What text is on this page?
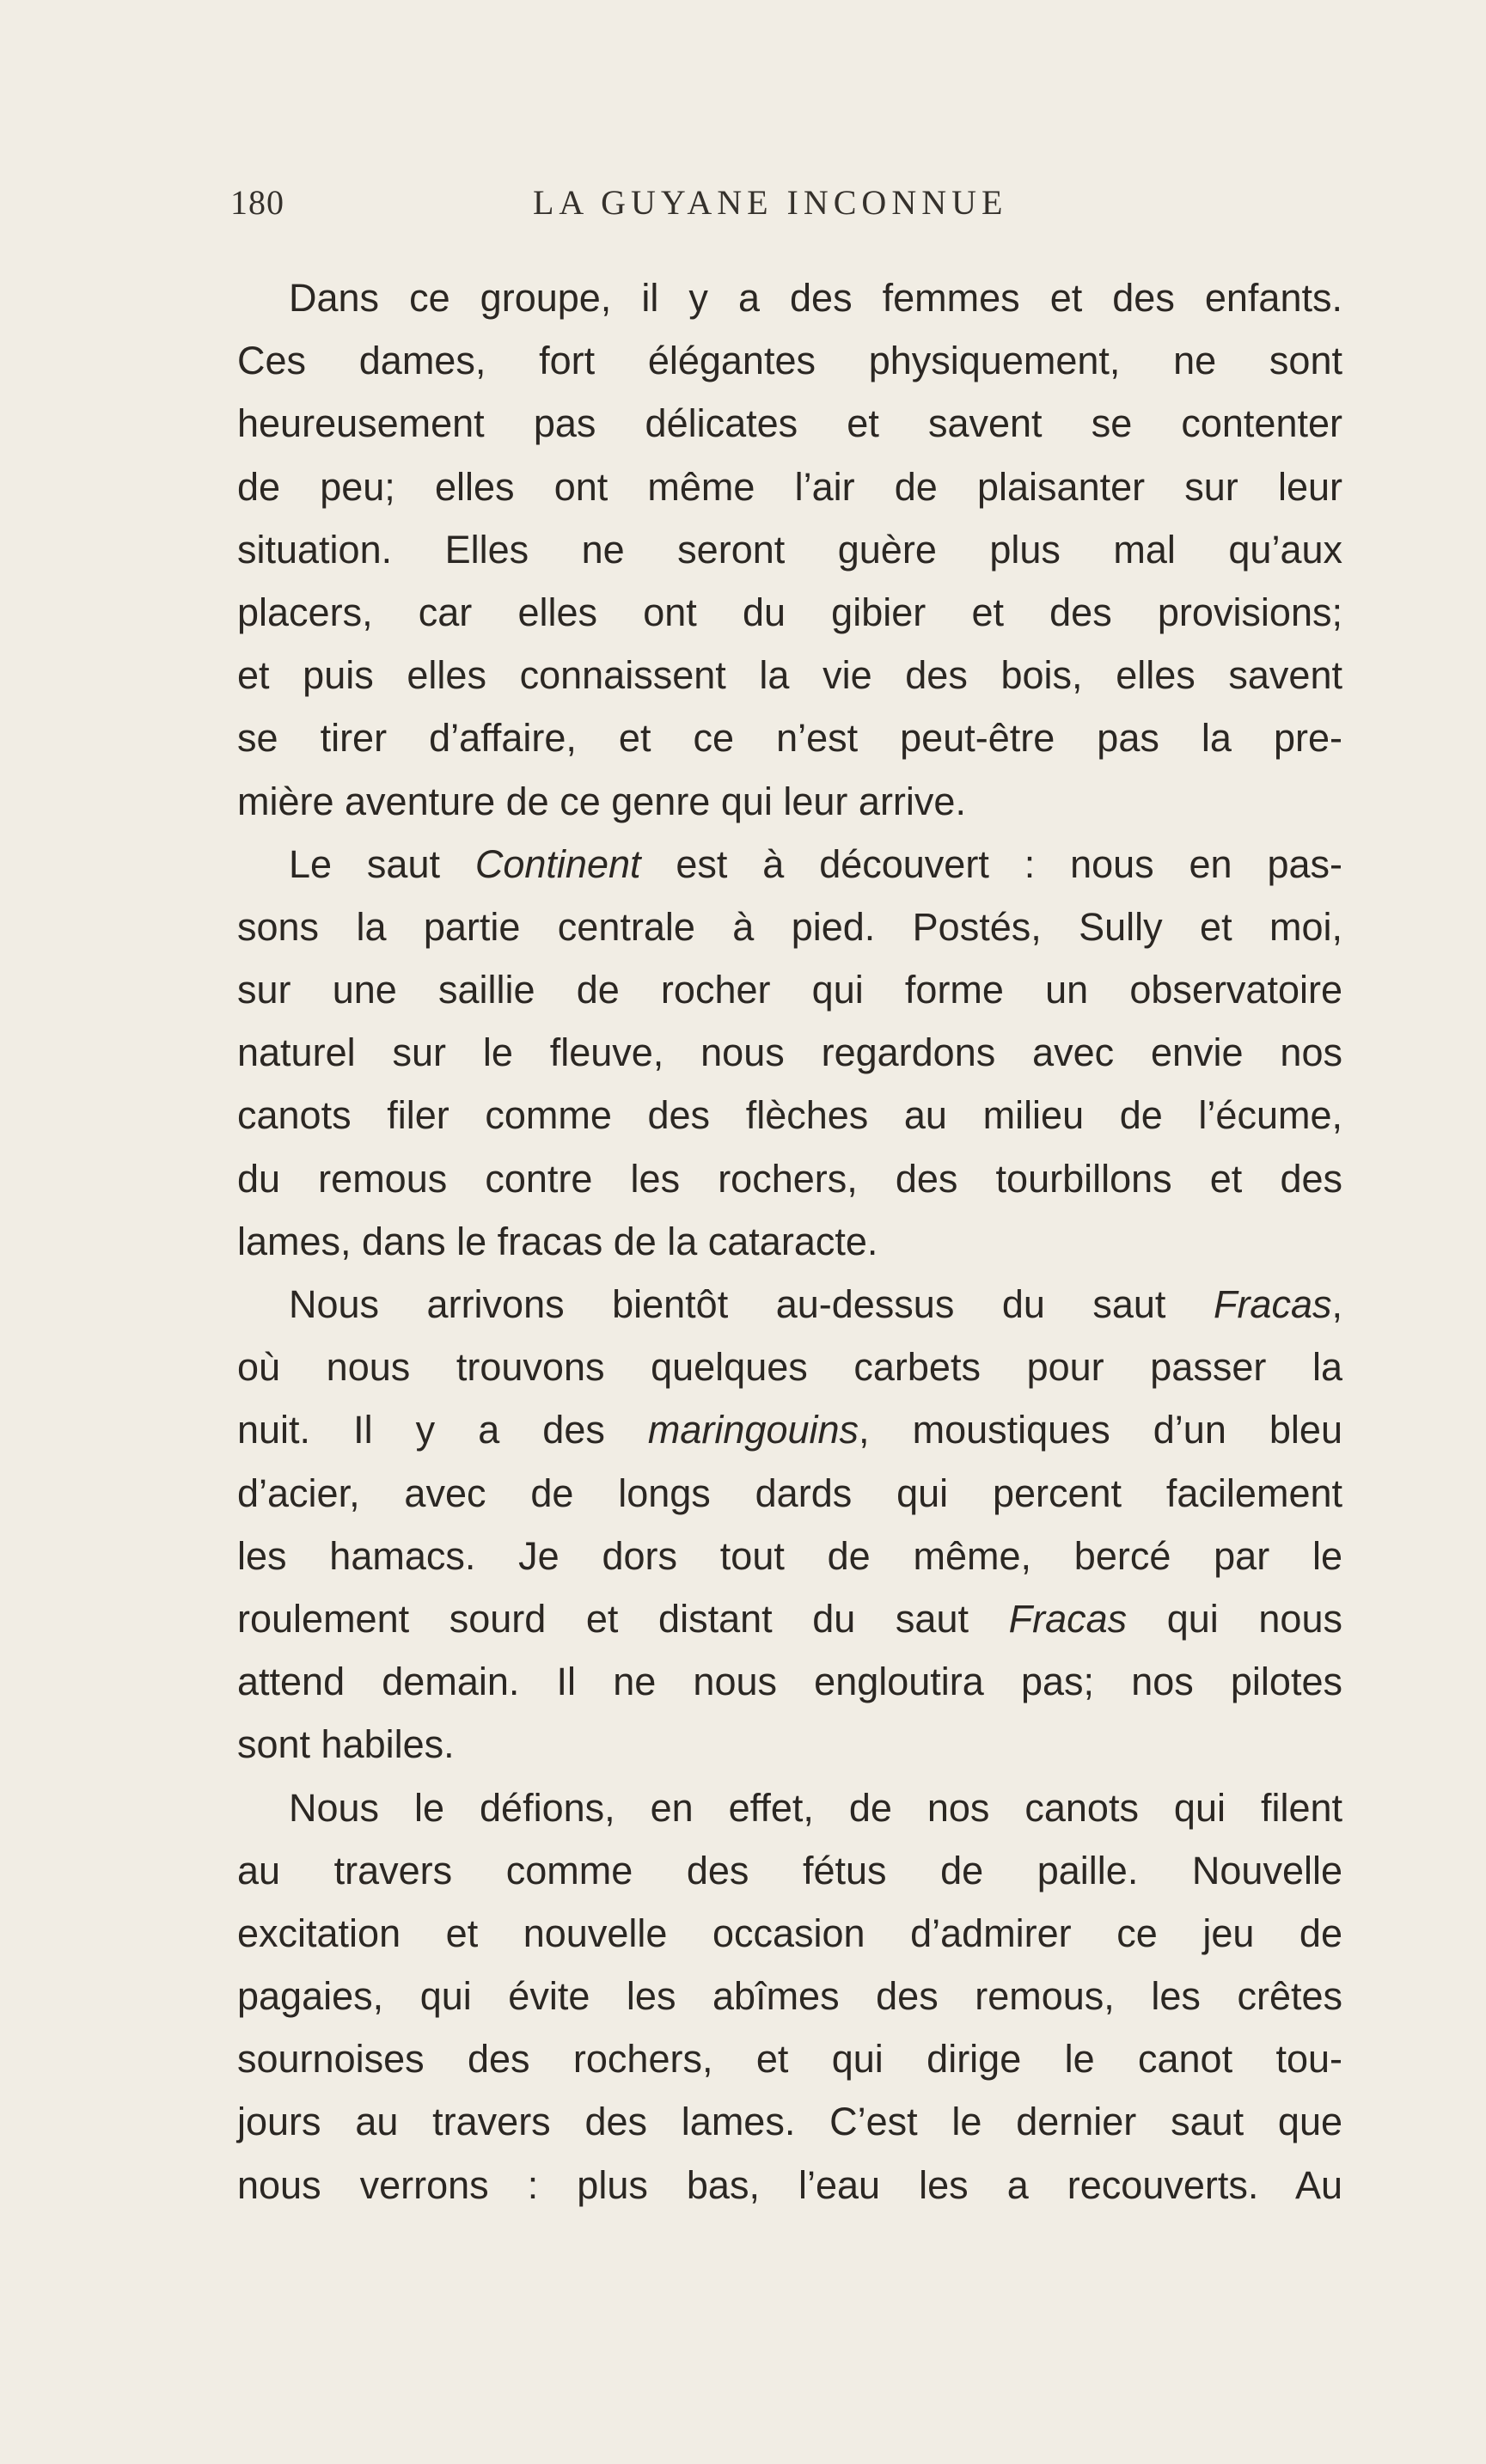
180	LA GUYANE INCONNUE
Dans ce groupe, il y a des femmes et des enfants.
Ces dames, fort élégantes physiquement, ne sont
heureusement pas délicates et savent se contenter
de peu; elles ont même l’air de plaisanter sur leur
situation. Elles ne seront guère plus mal qu’aux
placers, car elles ont du gibier et des provisions;
et puis elles connaissent la vie des bois, elles savent
se tirer d’affaire, et ce n’est peut-être pas la pre-
mière aventure de ce genre qui leur arrive.
Le saut Continent est à découvert : nous en pas-
sons la partie centrale à pied. Postés, Sully et moi,
sur une saillie de rocher qui forme un observatoire
naturel sur le fleuve, nous regardons avec envie nos
canots filer comme des flèches au milieu de l’écume,
du remous contre les rochers, des tourbillons et des
lames, dans le fracas de la cataracte.
Nous arrivons bientôt au-dessus du saut Fracas,
où nous trouvons quelques carbets pour passer la
nuit. Il y a des maringouins, moustiques d’un bleu
d’acier, avec de longs dards qui percent facilement
les hamacs. Je dors tout de même, bercé par le
roulement sourd et distant du saut Fracas qui nous
attend demain. Il ne nous engloutira pas; nos pilotes
sont habiles.
Nous le défions, en effet, de nos canots qui filent
au travers comme des fétus de paille. Nouvelle
excitation et nouvelle occasion d’admirer ce jeu de
pagaies, qui évite les abîmes des remous, les crêtes
sournoises des rochers, et qui dirige le canot tou-
jours au travers des lames. C’est le dernier saut que
nous verrons : plus bas, l’eau les a recouverts. Au
